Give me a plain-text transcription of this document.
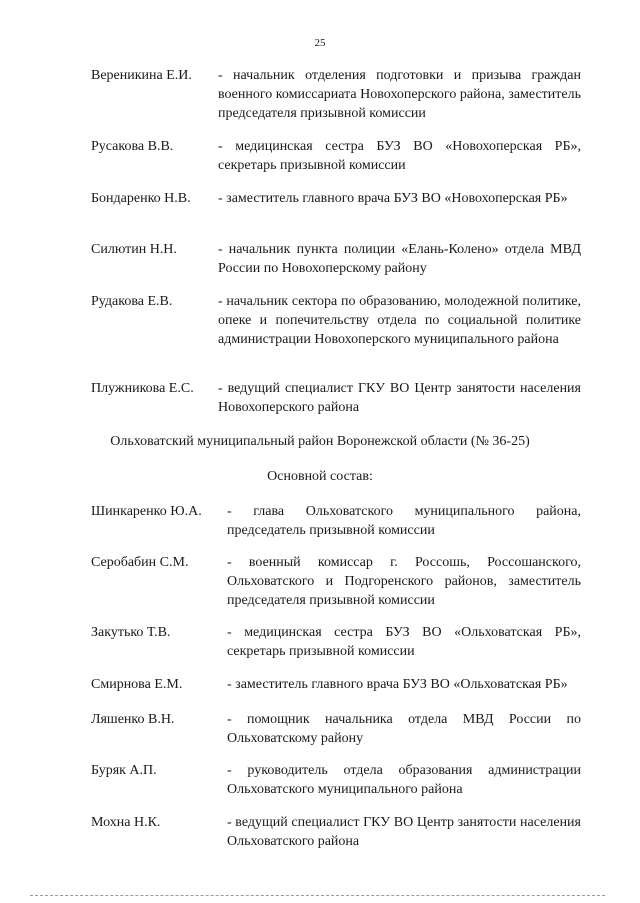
25
Вереникина Е.И. - начальник отделения подготовки и призыва граждан военного комиссариата Новохоперского района, заместитель председателя призывной комиссии
Русакова В.В.	- медицинская сестра БУЗ ВО «Новохоперская РБ», секретарь призывной комиссии
Бондаренко Н.В. - заместитель главного врача БУЗ ВО «Новохоперская РБ»
Силютин Н.Н.	- начальник пункта полиции «Елань-Колено» отдела МВД России по Новохоперскому району
Рудакова Е.В.	- начальник сектора по образованию, молодежной политике, опеке и попечительству отдела по социальной политике администрации Новохоперского муниципального района
Плужникова Е.С. - ведущий специалист ГКУ ВО Центр занятости населения Новохоперского района
Ольховатский муниципальный район Воронежской области (№ 36-25)
Основной состав:
Шинкаренко Ю.А. - глава Ольховатского муниципального района, председатель призывной комиссии
Серобабин С.М.	- военный комиссар г. Россошь, Россошанского, Ольховатского и Подгоренского районов, заместитель председателя призывной комиссии
Закутько Т.В.	- медицинская сестра БУЗ ВО «Ольховатская РБ», секретарь призывной комиссии
Смирнова Е.М.	- заместитель главного врача БУЗ ВО «Ольховатская РБ»
Ляшенко В.Н.	- помощник начальника отдела МВД России по Ольховатскому району
Буряк А.П.	- руководитель отдела образования администрации Ольховатского муниципального района
Мохна Н.К.	- ведущий специалист ГКУ ВО Центр занятости населения Ольховатского района
